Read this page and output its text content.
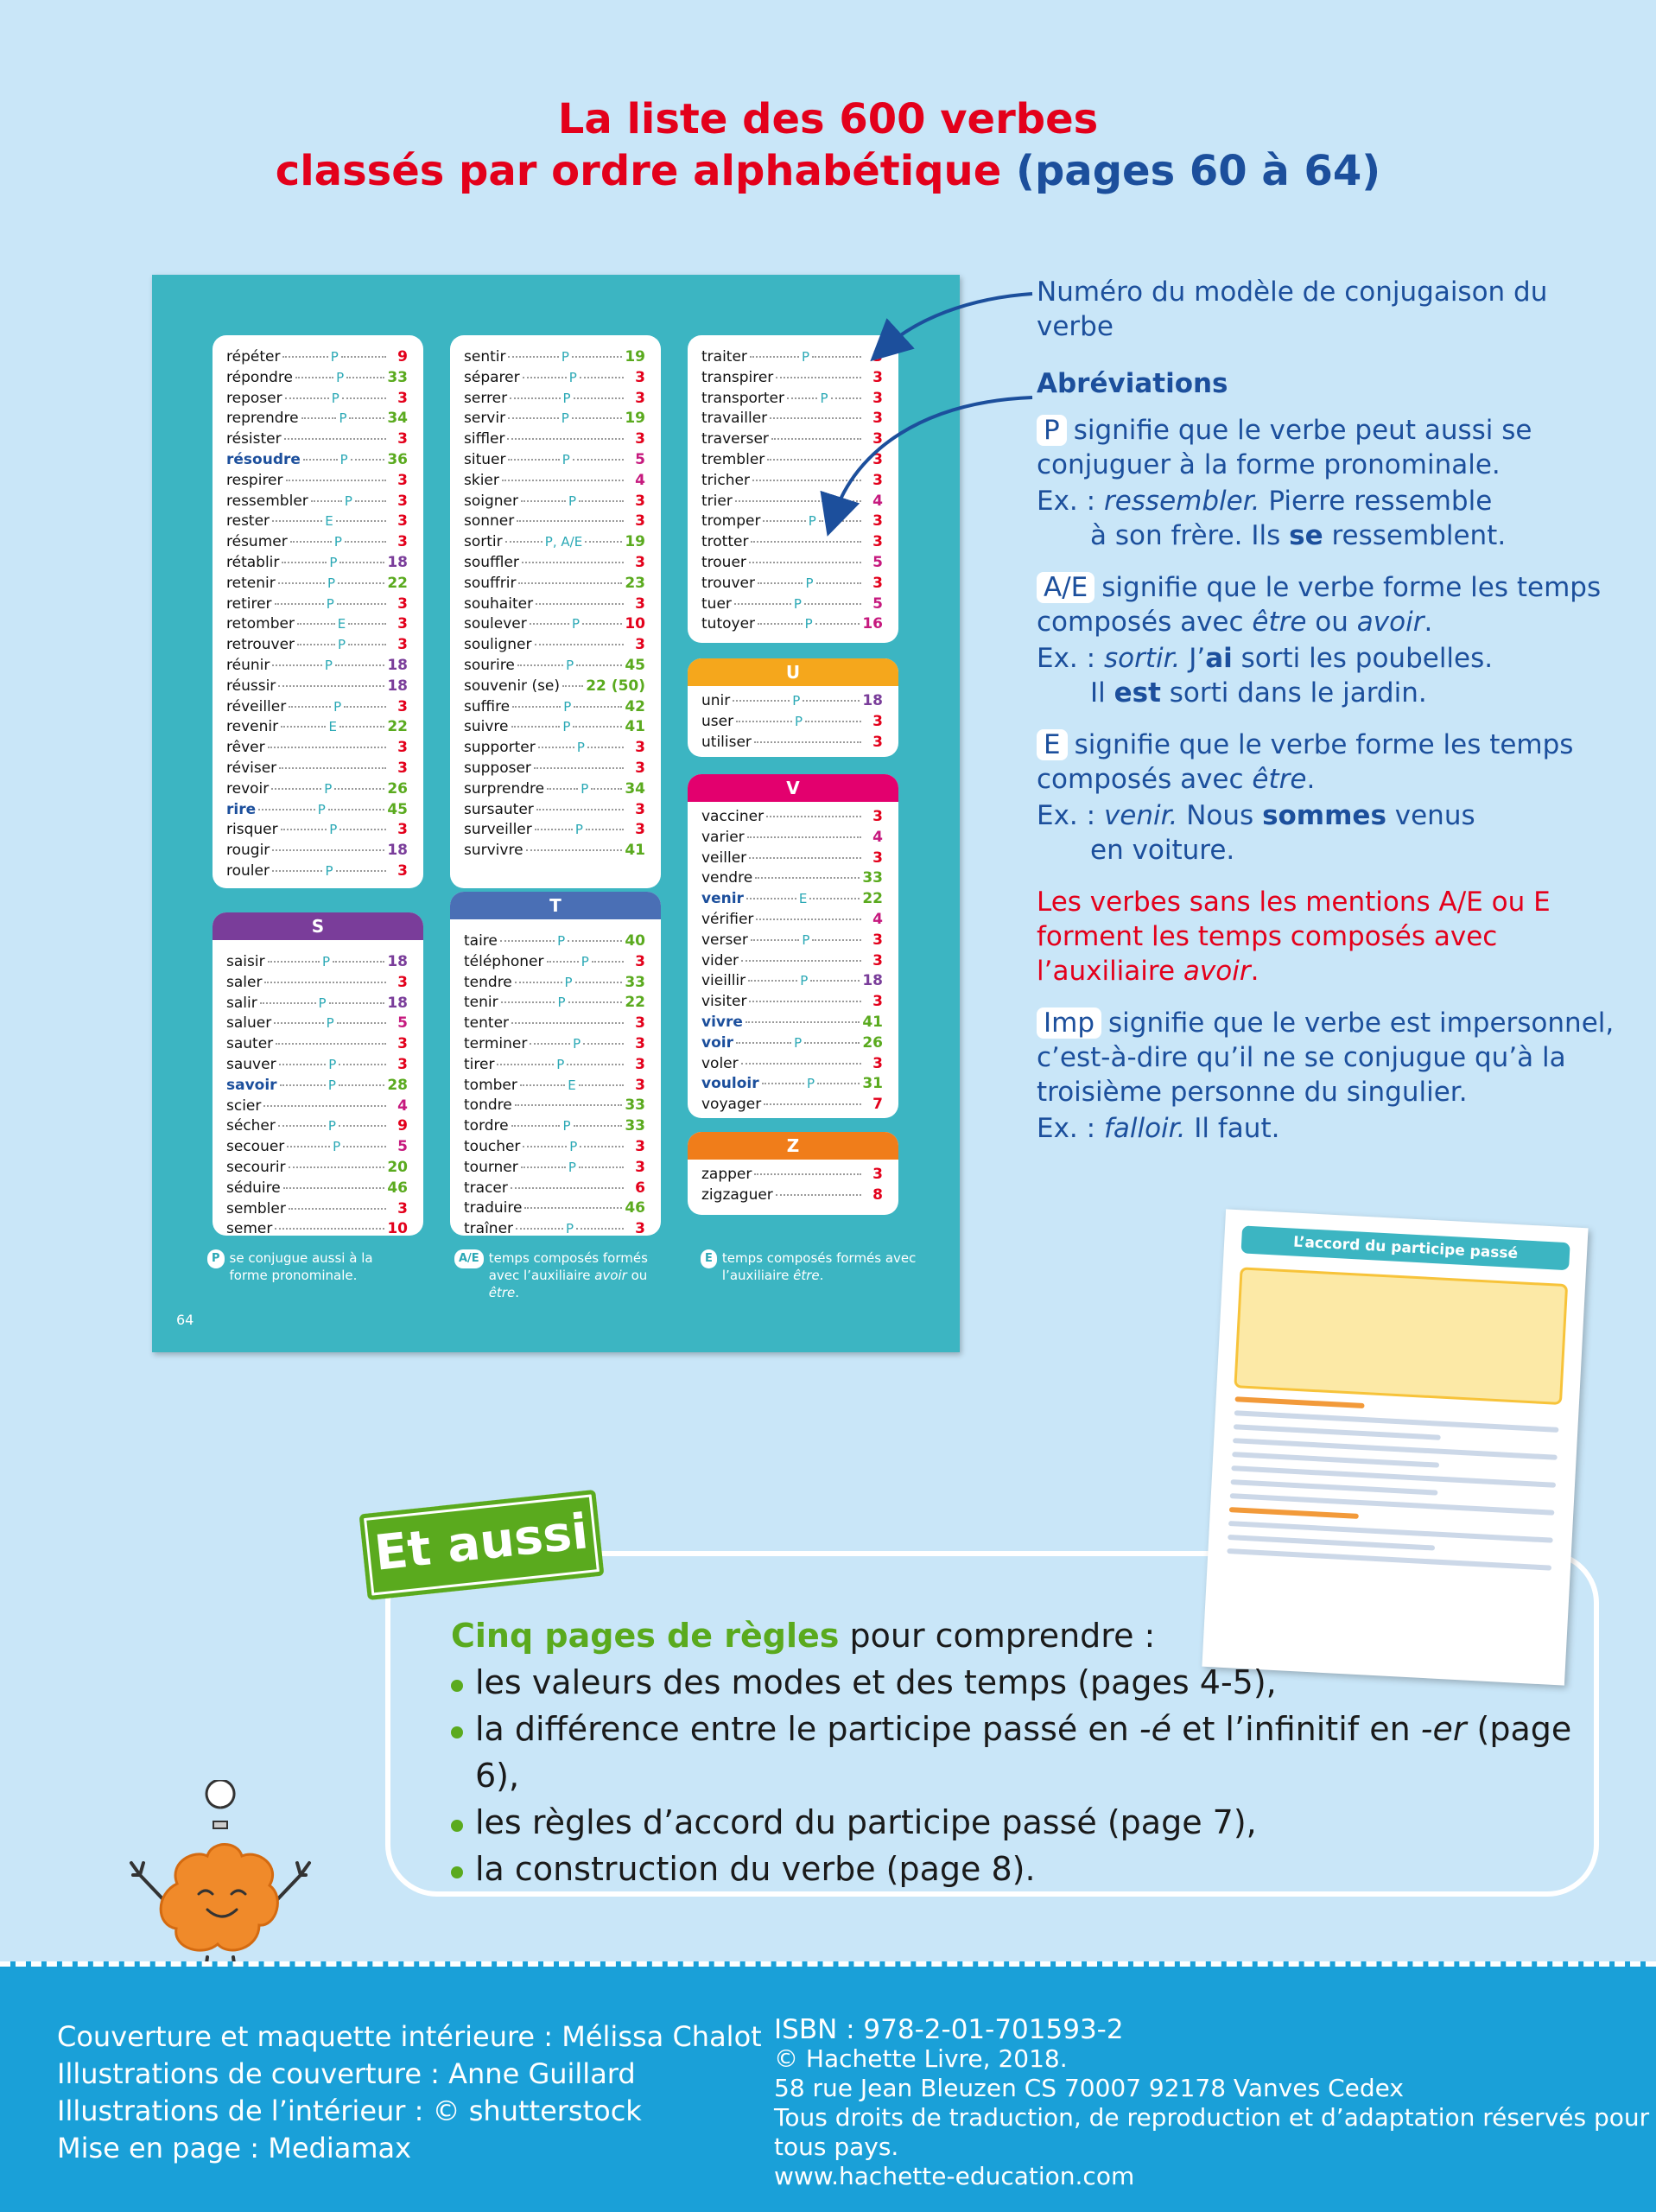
La liste des 600 verbes
classés par ordre alphabétique (pages 60 à 64)
répéter	P	9
répondre	P	33
reposer	P	3
reprendre	P	34
résister	3
résoudre	P	36
respirer	3
ressembler	P	3
rester	E	3
résumer	P	3
rétablir	P	18
retenir	P	22
retirer	P	3
retomber	E	3
retrouver	P	3
réunir	P	18
réussir	18
réveiller	P	3
revenir	E	22
rêver	3
réviser	3
revoir	P	26
rire	P	45
risquer	P	3
rougir	18
rouler	P	3
S
saisir	P	18
saler	3
salir	P	18
saluer	P	5
sauter	3
sauver	P	3
savoir	P	28
scier	4
sécher	P	9
secouer	P	5
secourir	20
séduire	46
sembler	3
semer	10
sentir	P	19
séparer	P	3
serrer	P	3
servir	P	19
siffler	3
situer	P	5
skier	4
soigner	P	3
sonner	3
sortir	P, A/E	19
souffler	3
souffrir	23
souhaiter	3
soulever	P	10
souligner	3
sourire	P	45
souvenir (se) 22 (50)
suffire	P	42
suivre	P	41
supporter	P	3
supposer	3
surprendre	P 34
sursauter	3
surveiller	P	3
survivre	41
T
taire	P	40
téléphoner	P	3
tendre	P	33
tenir	P	22
tenter	3
terminer	P	3
tirer	P	3
tomber	E	3
tondre	33
tordre	P	33
toucher	P	3
tourner	P	3
tracer	6
traduire	46
traîner	P	3
traiter	P	3
transpirer	3
transporter	P	3
travailler	3
traverser	3
trembler	3
tricher	3
trier	4
tromper	P	3
trotter	3
trouer	5
trouver	P	3
tuer	P	5
tutoyer	P	16
U
unir	P	18
user	P	3
utiliser	3
V
vacciner	3
varier	4
veiller	3
vendre	33
venir	E	22
vérifier	4
verser	P	3
vider	3
vieillir	P	18
visiter	3
vivre	41
voir	P	26
voler	3
vouloir	P	31
voyager	7
Z
zapper	3
zigzaguer	8
P se conjugue aussi à la forme pronominale.
A/E temps composés formés avec l’auxiliaire avoir ou être.
E temps composés formés avec l’auxiliaire être.
64

Numéro du modèle de conjugaison du verbe

Abréviations

P signifie que le verbe peut aussi se conjuguer à la forme pronominale.

Ex. : ressembler. Pierre ressemble
à son frère. Ils se ressemblent.

A/E signifie que le verbe forme les temps composés avec être ou avoir.

Ex. : sortir. J’ai sorti les poubelles.
Il est sorti dans le jardin.

E signifie que le verbe forme les temps composés avec être.

Ex. : venir. Nous sommes venus
en voiture.

Les verbes sans les mentions A/E ou E forment les temps composés avec l’auxiliaire avoir.

Imp signifie que le verbe est impersonnel, c’est-à-dire qu’il ne se conjugue qu’à la troisième personne du singulier.

Ex. : falloir. Il faut.

L’accord du participe passé
Et aussi
Cinq pages de règles pour comprendre :
les valeurs des modes et des temps (pages 4-5),
la différence entre le participe passé en -é et l’infinitif en -er (page 6),
les règles d’accord du participe passé (page 7),
la construction du verbe (page 8).
Couverture et maquette intérieure : Mélissa Chalot
Illustrations de couverture : Anne Guillard
Illustrations de l’intérieur : © shutterstock
Mise en page : Mediamax
ISBN : 978-2-01-701593-2
© Hachette Livre, 2018.
58 rue Jean Bleuzen CS 70007 92178 Vanves Cedex
Tous droits de traduction, de reproduction et d’adaptation réservés pour tous pays.
www.hachette-education.com
